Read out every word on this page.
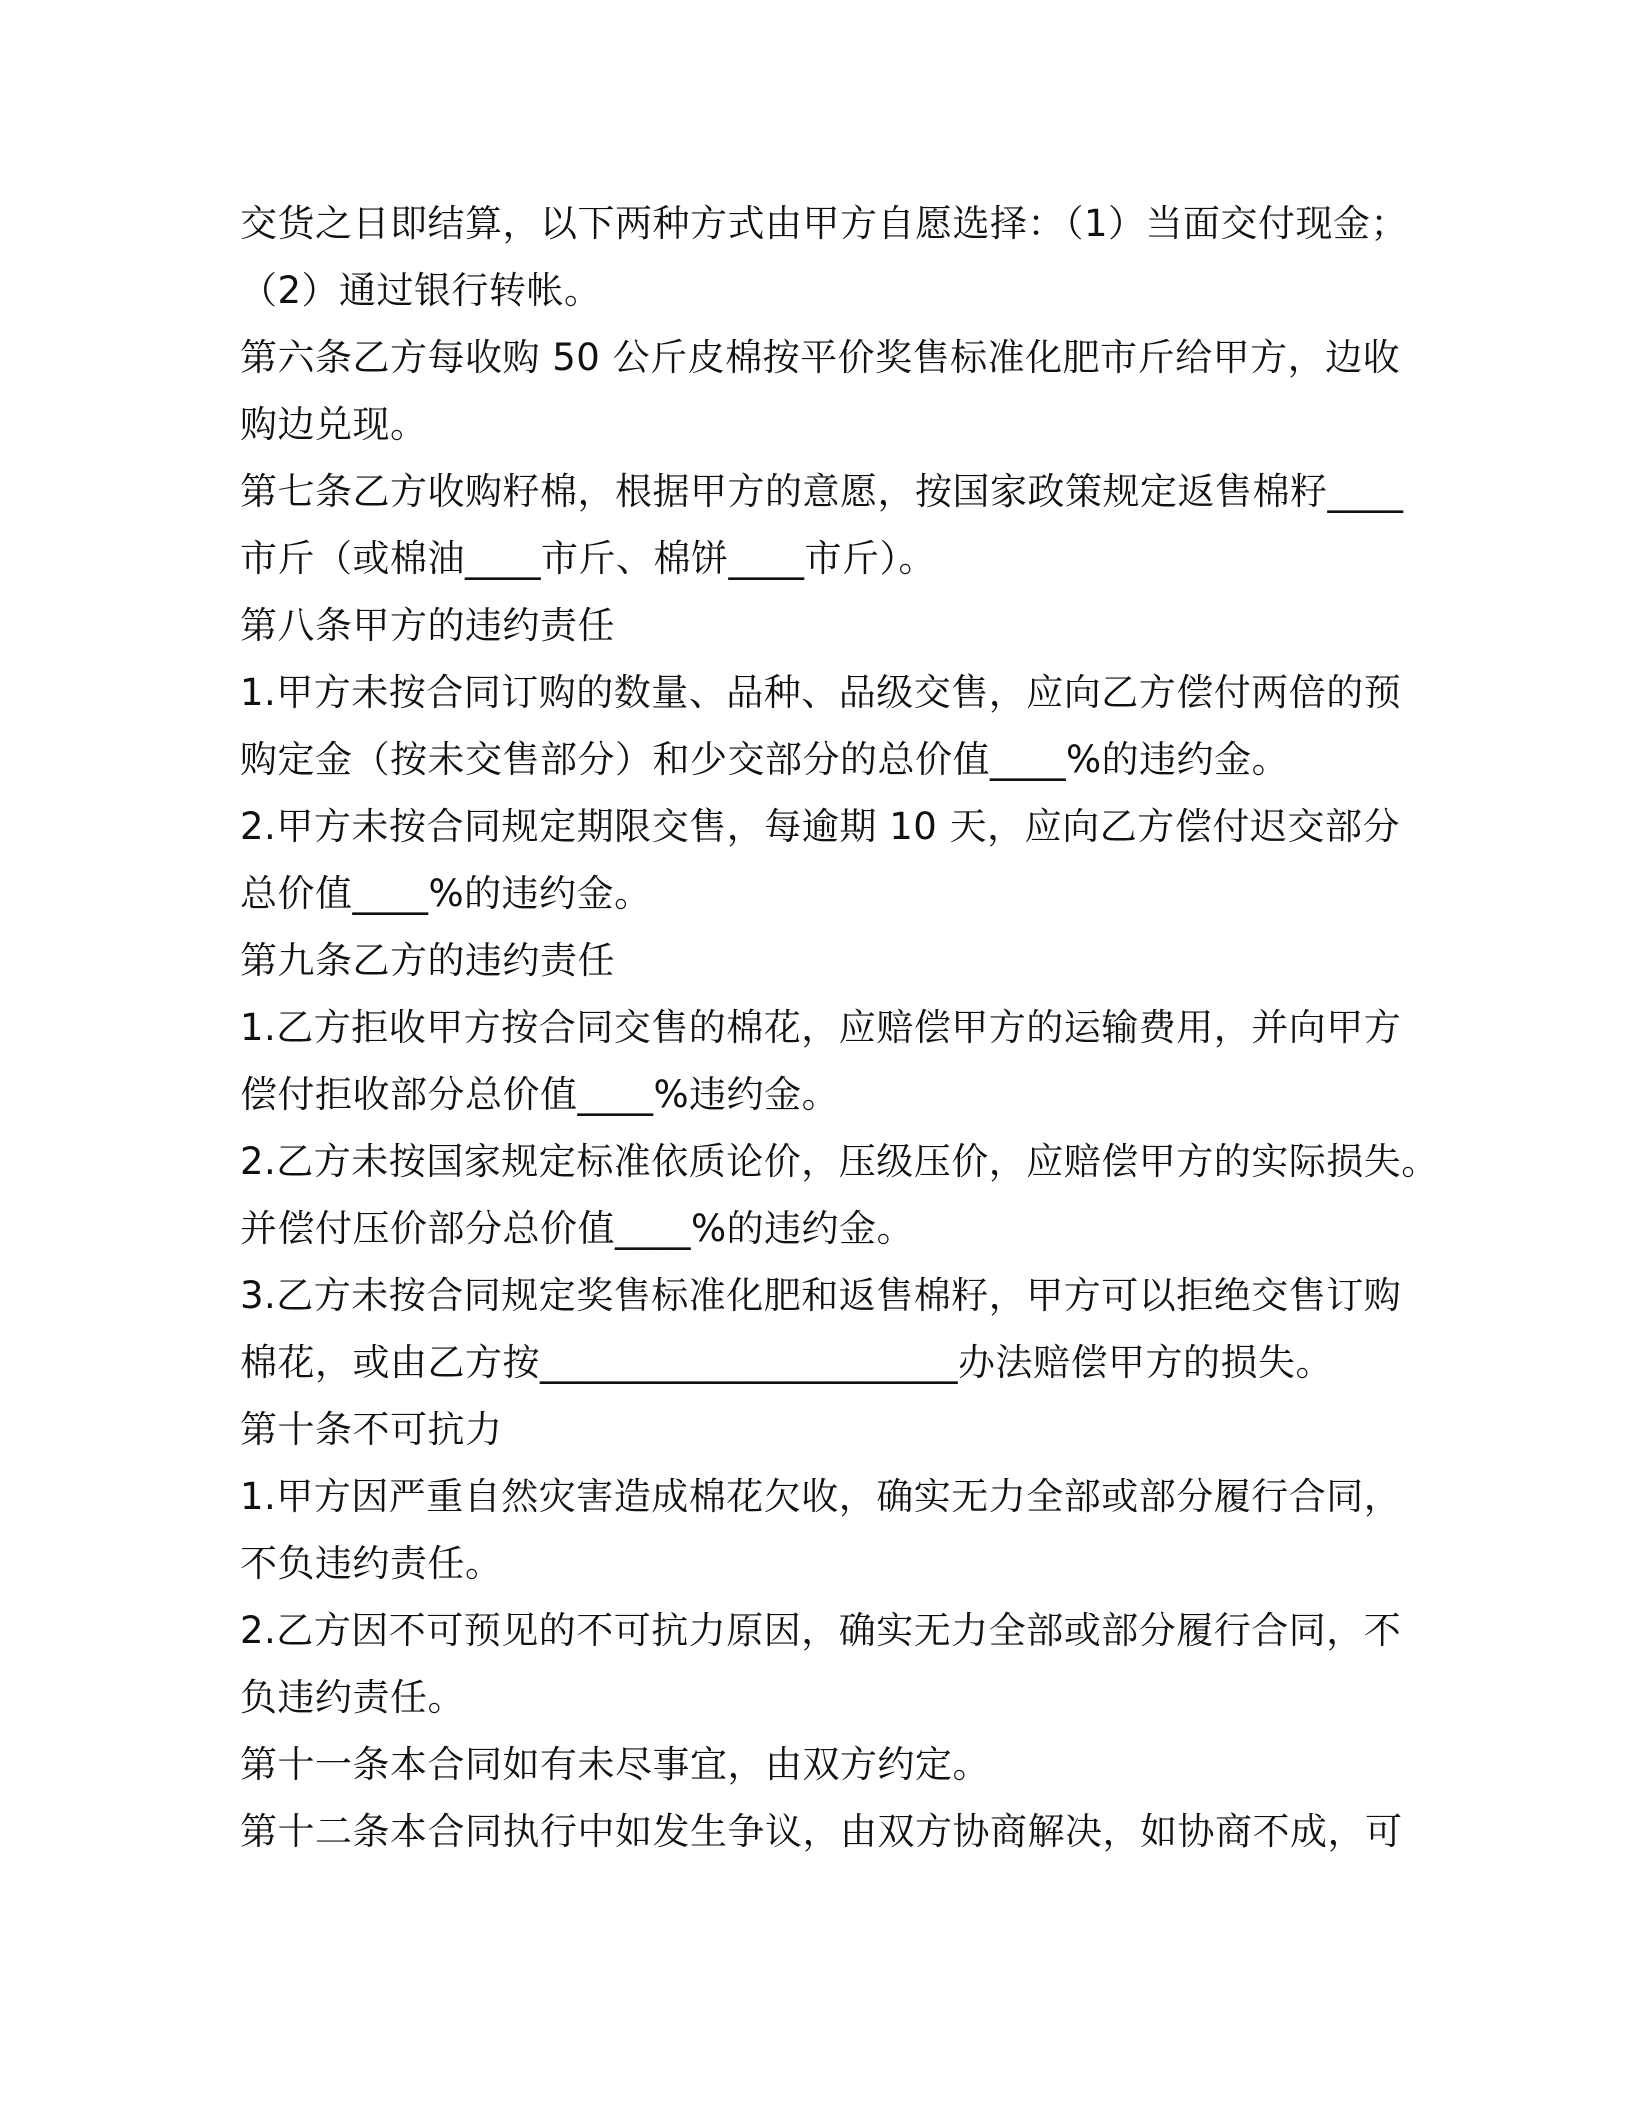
交货之日即结算，以下两种方式由甲方自愿选择：（1）当面交付现金；
（2）通过银行转帐。
第六条乙方每收购 50 公斤皮棉按平价奖售标准化肥市斤给甲方，边收
购边兑现。
第七条乙方收购籽棉，根据甲方的意愿，按国家政策规定返售棉籽____
市斤（或棉油____市斤、棉饼____市斤）。
第八条甲方的违约责任
1.甲方未按合同订购的数量、品种、品级交售，应向乙方偿付两倍的预
购定金（按未交售部分）和少交部分的总价值____%的违约金。
2.甲方未按合同规定期限交售，每逾期 10 天，应向乙方偿付迟交部分
总价值____%的违约金。
第九条乙方的违约责任
1.乙方拒收甲方按合同交售的棉花，应赔偿甲方的运输费用，并向甲方
偿付拒收部分总价值____%违约金。
2.乙方未按国家规定标准依质论价，压级压价，应赔偿甲方的实际损失。
并偿付压价部分总价值____%的违约金。
3.乙方未按合同规定奖售标准化肥和返售棉籽，甲方可以拒绝交售订购
棉花，或由乙方按______________________办法赔偿甲方的损失。
第十条不可抗力
1.甲方因严重自然灾害造成棉花欠收，确实无力全部或部分履行合同，
不负违约责任。
2.乙方因不可预见的不可抗力原因，确实无力全部或部分履行合同，不
负违约责任。
第十一条本合同如有未尽事宜，由双方约定。
第十二条本合同执行中如发生争议，由双方协商解决，如协商不成，可
